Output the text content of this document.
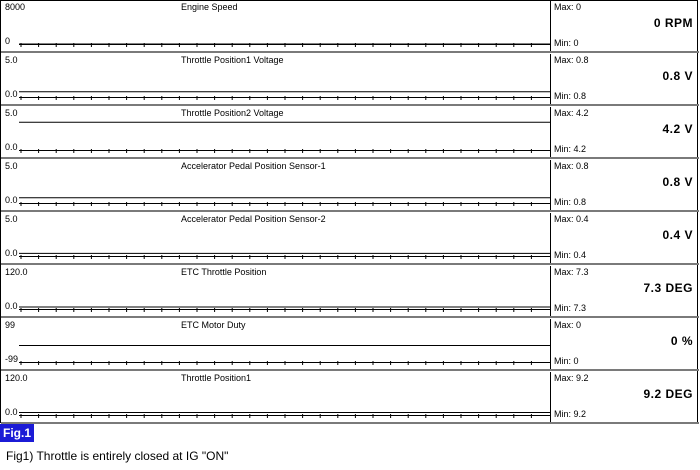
8000
0
Engine Speed	Max: 0
0 RPM
Min: 0
5.0
0.0
Throttle Position1 Voltage	Max: 0.8
0.8 V
Min: 0.8
5.0
0.0
Throttle Position2 Voltage	Max: 4.2
4.2 V
Min: 4.2
5.0
0.0
Accelerator Pedal Position Sensor-1	Max: 0.8
0.8 V
Min: 0.8
5.0
0.0
Accelerator Pedal Position Sensor-2	Max: 0.4
0.4 V
Min: 0.4
120.0
0.0
ETC Throttle Position	Max: 7.3
7.3 DEG
Min: 7.3
99
-99
ETC Motor Duty	Max: 0
0 %
Min: 0
120.0
0.0
Throttle Position1	Max: 9.2
9.2 DEG
Min: 9.2
Fig.1
Fig1) Throttle is entirely closed at IG "ON"
